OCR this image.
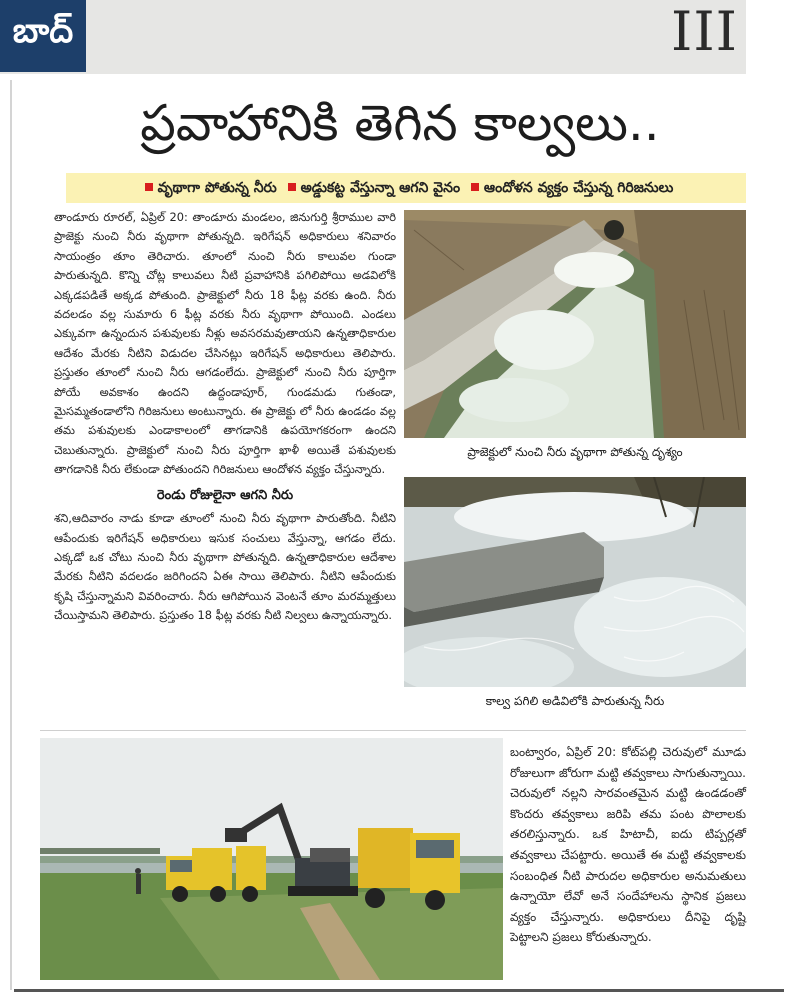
బాద్	III
ప్రవాహానికి తెగిన కాల్వలు..
వృథాగా పోతున్న నీరు అడ్డుకట్ట వేస్తున్నా ఆగని వైనం ఆందోళన వ్యక్తం చేస్తున్న గిరిజనులు

తాండూరు రూరల్, ఏప్రిల్ 20: తాండూరు మండలం, జినుగుర్తి శ్రీరాముల వారి ప్రాజెక్టు నుంచి నీరు వృథాగా పోతున్నది. ఇరిగేషన్ అధికారులు శనివారం సాయంత్రం తూం తెరిచారు. తూంలో నుంచి నీరు కాలువల గుండా పారుతున్నది. కొన్ని చోట్ల కాలువలు నీటి ప్రవాహానికి పగిలిపోయి అడవిలోకి ఎక్కడపడితే అక్కడ పోతుంది. ప్రాజెక్టులో నీరు 18 ఫీట్ల వరకు ఉంది. నీరు వదలడం వల్ల సుమారు 6 ఫీట్ల వరకు నీరు వృథాగా పోయింది. ఎండలు ఎక్కువగా ఉన్నందున పశువులకు నీళ్లు అవసరమవుతాయని ఉన్నతాధికారుల ఆదేశం మేరకు నీటిని విడుదల చేసినట్లు ఇరిగేషన్ అధికారులు తెలిపారు. ప్రస్తుతం తూంలో నుంచి నీరు ఆగడంలేదు. ప్రాజెక్టులో నుంచి నీరు పూర్తిగా పోయే అవకాశం ఉందని ఉద్దండాపూర్, గుండమడు గుతండా, మైసమ్మతండాలోని గిరిజనులు అంటున్నారు. ఈ ప్రాజెక్టు లో నీరు ఉండడం వల్ల తమ పశువులకు ఎండాకాలంలో తాగడానికి ఉపయోగకరంగా ఉందని చెబుతున్నారు. ప్రాజెక్టులో నుంచి నీరు పూర్తిగా ఖాళీ అయితే పశువులకు తాగడానికి నీరు లేకుండా పోతుందని గిరిజనులు ఆందోళన వ్యక్తం చేస్తున్నారు.

రెండు రోజులైనా ఆగని నీరు

శని,ఆదివారం నాడు కూడా తూంలో నుంచి నీరు వృథాగా పారుతోంది. నీటిని ఆపేందుకు ఇరిగేషన్ అధికారులు ఇసుక సంచులు వేస్తున్నా, ఆగడం లేదు. ఎక్కడో ఒక చోటు నుంచి నీరు వృథాగా పోతున్నది. ఉన్నతాధికారుల ఆదేశాల మేరకు నీటిని వదలడం జరిగిందని ఏఈ సాయి తెలిపారు. నీటిని ఆపేందుకు కృషి చేస్తున్నామని వివరించారు. నీరు ఆగిపోయిన వెంటనే తూం మరమ్మత్తులు చేయిస్తామని తెలిపారు. ప్రస్తుతం 18 ఫీట్ల వరకు నీటి నిల్వలు ఉన్నాయన్నారు.

ప్రాజెక్టులో నుంచి నీరు వృథాగా పోతున్న దృశ్యం
కాల్వ పగిలి అడివిలోకి పారుతున్న నీరు

బంట్వారం, ఏప్రిల్ 20: కోట్‌పల్లి చెరువులో మూడు రోజులుగా జోరుగా మట్టి తవ్వకాలు సాగుతున్నాయి. చెరువులో నల్లని సారవంతమైన మట్టి ఉండడంతో కొందరు తవ్వకాలు జరిపి తమ పంట పొలాలకు తరలిస్తున్నారు. ఒక హిటాచీ, ఐదు టిప్పర్లతో తవ్వకాలు చేపట్టారు. అయితే ఈ మట్టి తవ్వకాలకు సంబంధిత నీటి పారుదల అధికారుల అనుమతులు ఉన్నాయో లేవో అనే సందేహాలను స్థానిక ప్రజలు వ్యక్తం చేస్తున్నారు. అధికారులు దీనిపై దృష్టి పెట్టాలని ప్రజలు కోరుతున్నారు.
